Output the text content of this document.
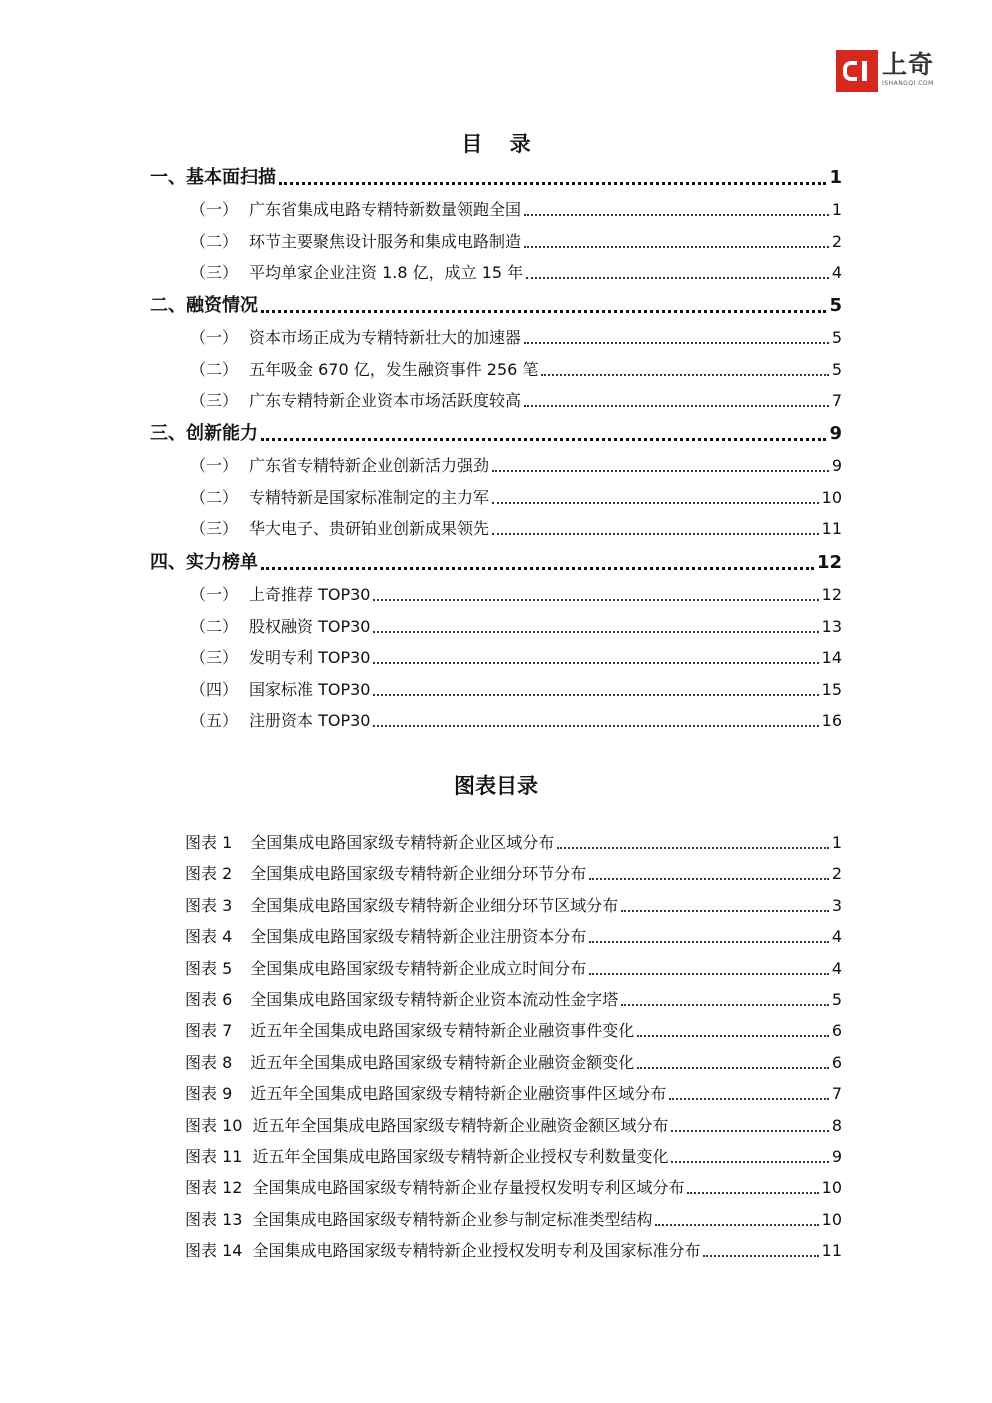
上奇
ISHANGQI.COM
目 录
一、基本面扫描	1
（一） 广东省集成电路专精特新数量领跑全国	1
（二） 环节主要聚焦设计服务和集成电路制造	2
（三） 平均单家企业注资 1.8 亿，成立 15 年	4
二、融资情况	5
（一） 资本市场正成为专精特新壮大的加速器	5
（二） 五年吸金 670 亿，发生融资事件 256 笔	5
（三） 广东专精特新企业资本市场活跃度较高	7
三、创新能力	9
（一） 广东省专精特新企业创新活力强劲	9
（二） 专精特新是国家标准制定的主力军	10
（三） 华大电子、贵研铂业创新成果领先	11
四、实力榜单	12
（一） 上奇推荐 TOP30	12
（二） 股权融资 TOP30	13
（三） 发明专利 TOP30	14
（四） 国家标准 TOP30	15
（五） 注册资本 TOP30	16
图表目录
图表 1 全国集成电路国家级专精特新企业区域分布	1
图表 2 全国集成电路国家级专精特新企业细分环节分布	2
图表 3 全国集成电路国家级专精特新企业细分环节区域分布	3
图表 4 全国集成电路国家级专精特新企业注册资本分布	4
图表 5 全国集成电路国家级专精特新企业成立时间分布	4
图表 6 全国集成电路国家级专精特新企业资本流动性金字塔	5
图表 7 近五年全国集成电路国家级专精特新企业融资事件变化	6
图表 8 近五年全国集成电路国家级专精特新企业融资金额变化	6
图表 9 近五年全国集成电路国家级专精特新企业融资事件区域分布	7
图表 10 近五年全国集成电路国家级专精特新企业融资金额区域分布	8
图表 11 近五年全国集成电路国家级专精特新企业授权专利数量变化	9
图表 12 全国集成电路国家级专精特新企业存量授权发明专利区域分布	10
图表 13 全国集成电路国家级专精特新企业参与制定标准类型结构	10
图表 14 全国集成电路国家级专精特新企业授权发明专利及国家标准分布	11
